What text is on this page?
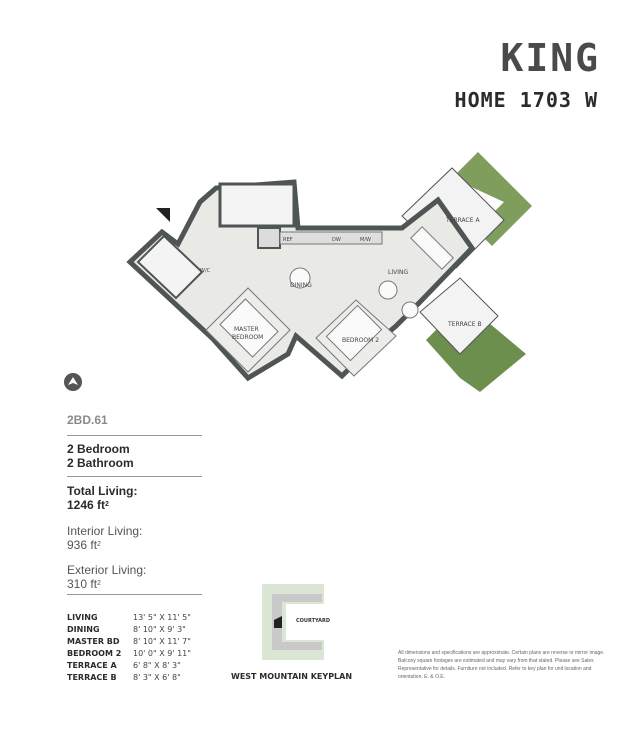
KING
HOME 1703 W
TERRACE A
TERRACE B
LIVING
DINING
MASTER
BEDROOM	BEDROOM 2
W/C
REF	DW	M/W
2BD.61
2 Bedroom
2 Bathroom
Total Living:
1246 $ft^2$
Interior Living:
936 $ft^2$
Exterior Living:
310 $ft^2$
LIVING	13' 5" X 11' 5"
DINING	8' 10" X 9' 3"
MASTER BD	8' 10" X 11' 7"
BEDROOM 2	10' 0" X 9' 11"
TERRACE A	6' 8" X 8' 3"
TERRACE B	8' 3" X 6' 8"
COURTYARD
WEST MOUNTAIN KEYPLAN
All dimensions and specifications are approximate. Certain plans are reverse or mirror image. Balcony square footages are estimated and may vary from that stated. Please see Sales Representative for details. Furniture not included. Refer to key plan for unit location and orientation. E. & O.E.
